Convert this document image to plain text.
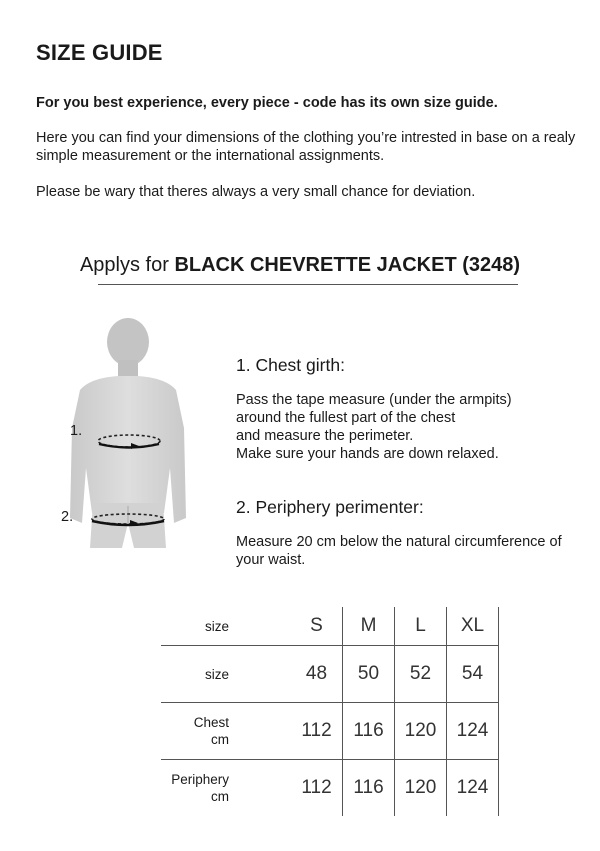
SIZE GUIDE

For you best experience, every piece - code has its own size guide.

Here you can find your dimensions of the clothing you’re intrested in base on a realy simple measurement or the international assignments.

Please be wary that theres always a very small chance for deviation.

Applys for BLACK CHEVRETTE JACKET (3248)
1.
2.
1. Chest girth:
Pass the tape measure (under the armpits)
around the fullest part of the chest
and measure the perimeter.
Make sure your hands are down relaxed.
2. Periphery perimenter:
Measure 20 cm below the natural circumference of your waist.
size	S	M	L	XL
size	48	50	52	54
Chest
cm	112	116	120	124
Periphery
cm	112	116	120	124
